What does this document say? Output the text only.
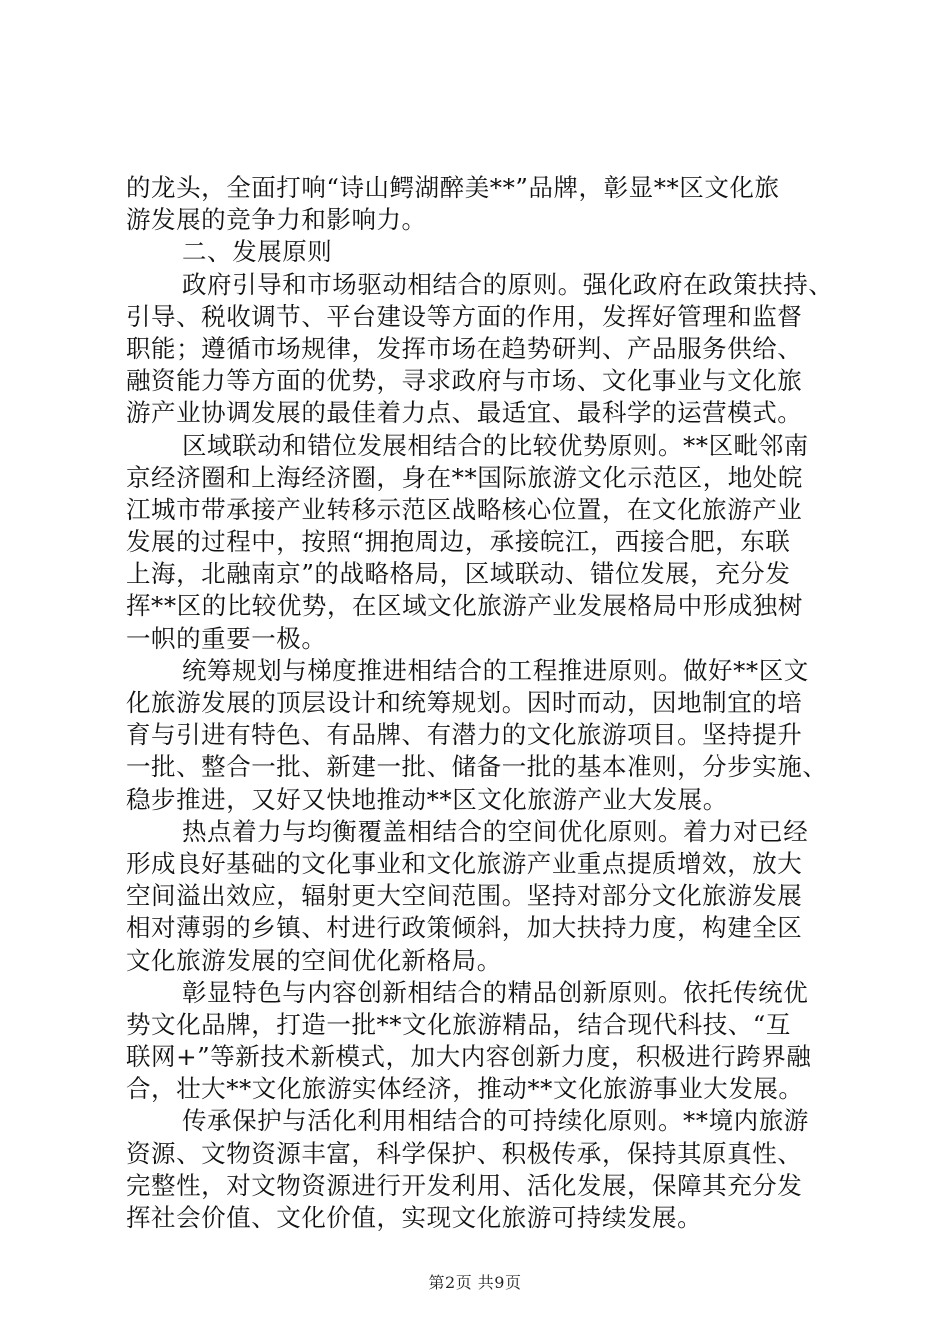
的龙头，全面打响“诗山鳄湖醉美**”品牌，彰显**区文化旅
游发展的竞争力和影响力。
二、发展原则
政府引导和市场驱动相结合的原则。强化政府在政策扶持、
引导、税收调节、平台建设等方面的作用，发挥好管理和监督
职能；遵循市场规律，发挥市场在趋势研判、产品服务供给、
融资能力等方面的优势，寻求政府与市场、文化事业与文化旅
游产业协调发展的最佳着力点、最适宜、最科学的运营模式。
区域联动和错位发展相结合的比较优势原则。**区毗邻南
京经济圈和上海经济圈，身在**国际旅游文化示范区，地处皖
江城市带承接产业转移示范区战略核心位置，在文化旅游产业
发展的过程中，按照“拥抱周边，承接皖江，西接合肥，东联
上海，北融南京”的战略格局，区域联动、错位发展，充分发
挥**区的比较优势，在区域文化旅游产业发展格局中形成独树
一帜的重要一极。
统筹规划与梯度推进相结合的工程推进原则。做好**区文
化旅游发展的顶层设计和统筹规划。因时而动，因地制宜的培
育与引进有特色、有品牌、有潜力的文化旅游项目。坚持提升
一批、整合一批、新建一批、储备一批的基本准则，分步实施、
稳步推进，又好又快地推动**区文化旅游产业大发展。
热点着力与均衡覆盖相结合的空间优化原则。着力对已经
形成良好基础的文化事业和文化旅游产业重点提质增效，放大
空间溢出效应，辐射更大空间范围。坚持对部分文化旅游发展
相对薄弱的乡镇、村进行政策倾斜，加大扶持力度，构建全区
文化旅游发展的空间优化新格局。
彰显特色与内容创新相结合的精品创新原则。依托传统优
势文化品牌，打造一批**文化旅游精品，结合现代科技、“互
联网+”等新技术新模式，加大内容创新力度，积极进行跨界融
合，壮大**文化旅游实体经济，推动**文化旅游事业大发展。
传承保护与活化利用相结合的可持续化原则。**境内旅游
资源、文物资源丰富，科学保护、积极传承，保持其原真性、
完整性，对文物资源进行开发利用、活化发展，保障其充分发
挥社会价值、文化价值，实现文化旅游可持续发展。
第2页 共9页
